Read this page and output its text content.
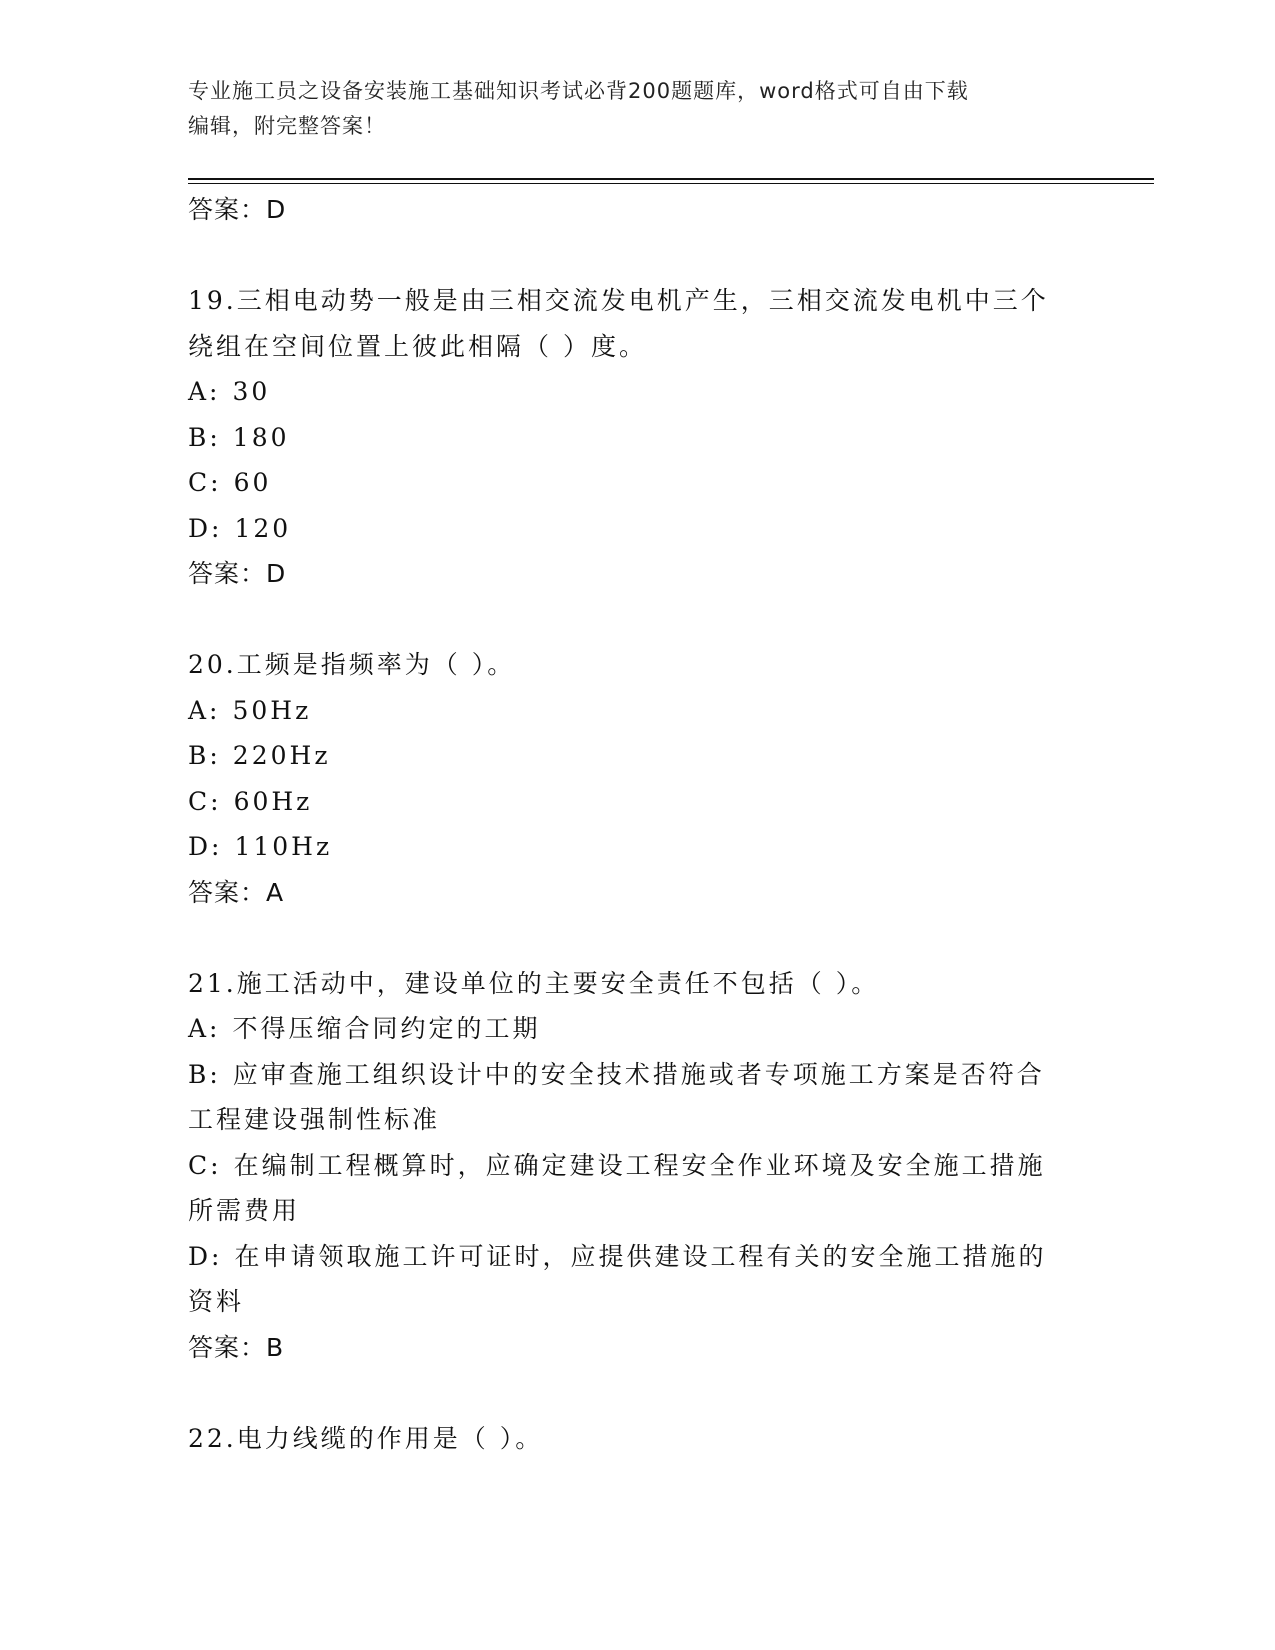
专业施工员之设备安装施工基础知识考试必背200题题库，word格式可自由下载
编辑，附完整答案！
答案：D
19.三相电动势一般是由三相交流发电机产生，三相交流发电机中三个
绕组在空间位置上彼此相隔（ ）度。
A: 30
B: 180
C: 60
D: 120
答案：D
20.工频是指频率为（ ）。
A: 50Hz
B: 220Hz
C: 60Hz
D: 110Hz
答案：A
21.施工活动中，建设单位的主要安全责任不包括（ ）。
A: 不得压缩合同约定的工期
B: 应审查施工组织设计中的安全技术措施或者专项施工方案是否符合
工程建设强制性标准
C: 在编制工程概算时，应确定建设工程安全作业环境及安全施工措施
所需费用
D: 在申请领取施工许可证时，应提供建设工程有关的安全施工措施的
资料
答案：B
22.电力线缆的作用是（ ）。
